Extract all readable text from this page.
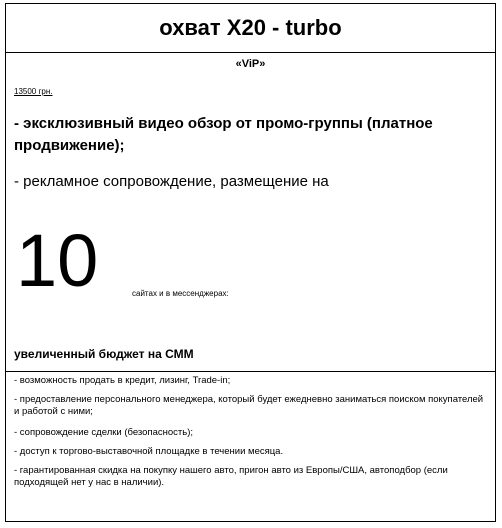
охват X20 - turbo
«ViP»
13500 грн.
- эксклюзивный видео обзор от промо-группы (платное продвижение);
- рекламное сопровождение, размещение на
10	сайтах и в мессенджерах:
увеличенный бюджет на СММ
- возможность продать в кредит, лизинг, Trade-in;
- предоставление персонального менеджера, который будет ежедневно заниматься поиском покупателей и работой с ними;
- сопровождение сделки (безопасность);
- доступ к торгово-выставочной площадке в течении месяца.
- гарантированная скидка на покупку нашего авто, пригон авто из Европы/США, автоподбор (если подходящей нет у нас в наличии).
